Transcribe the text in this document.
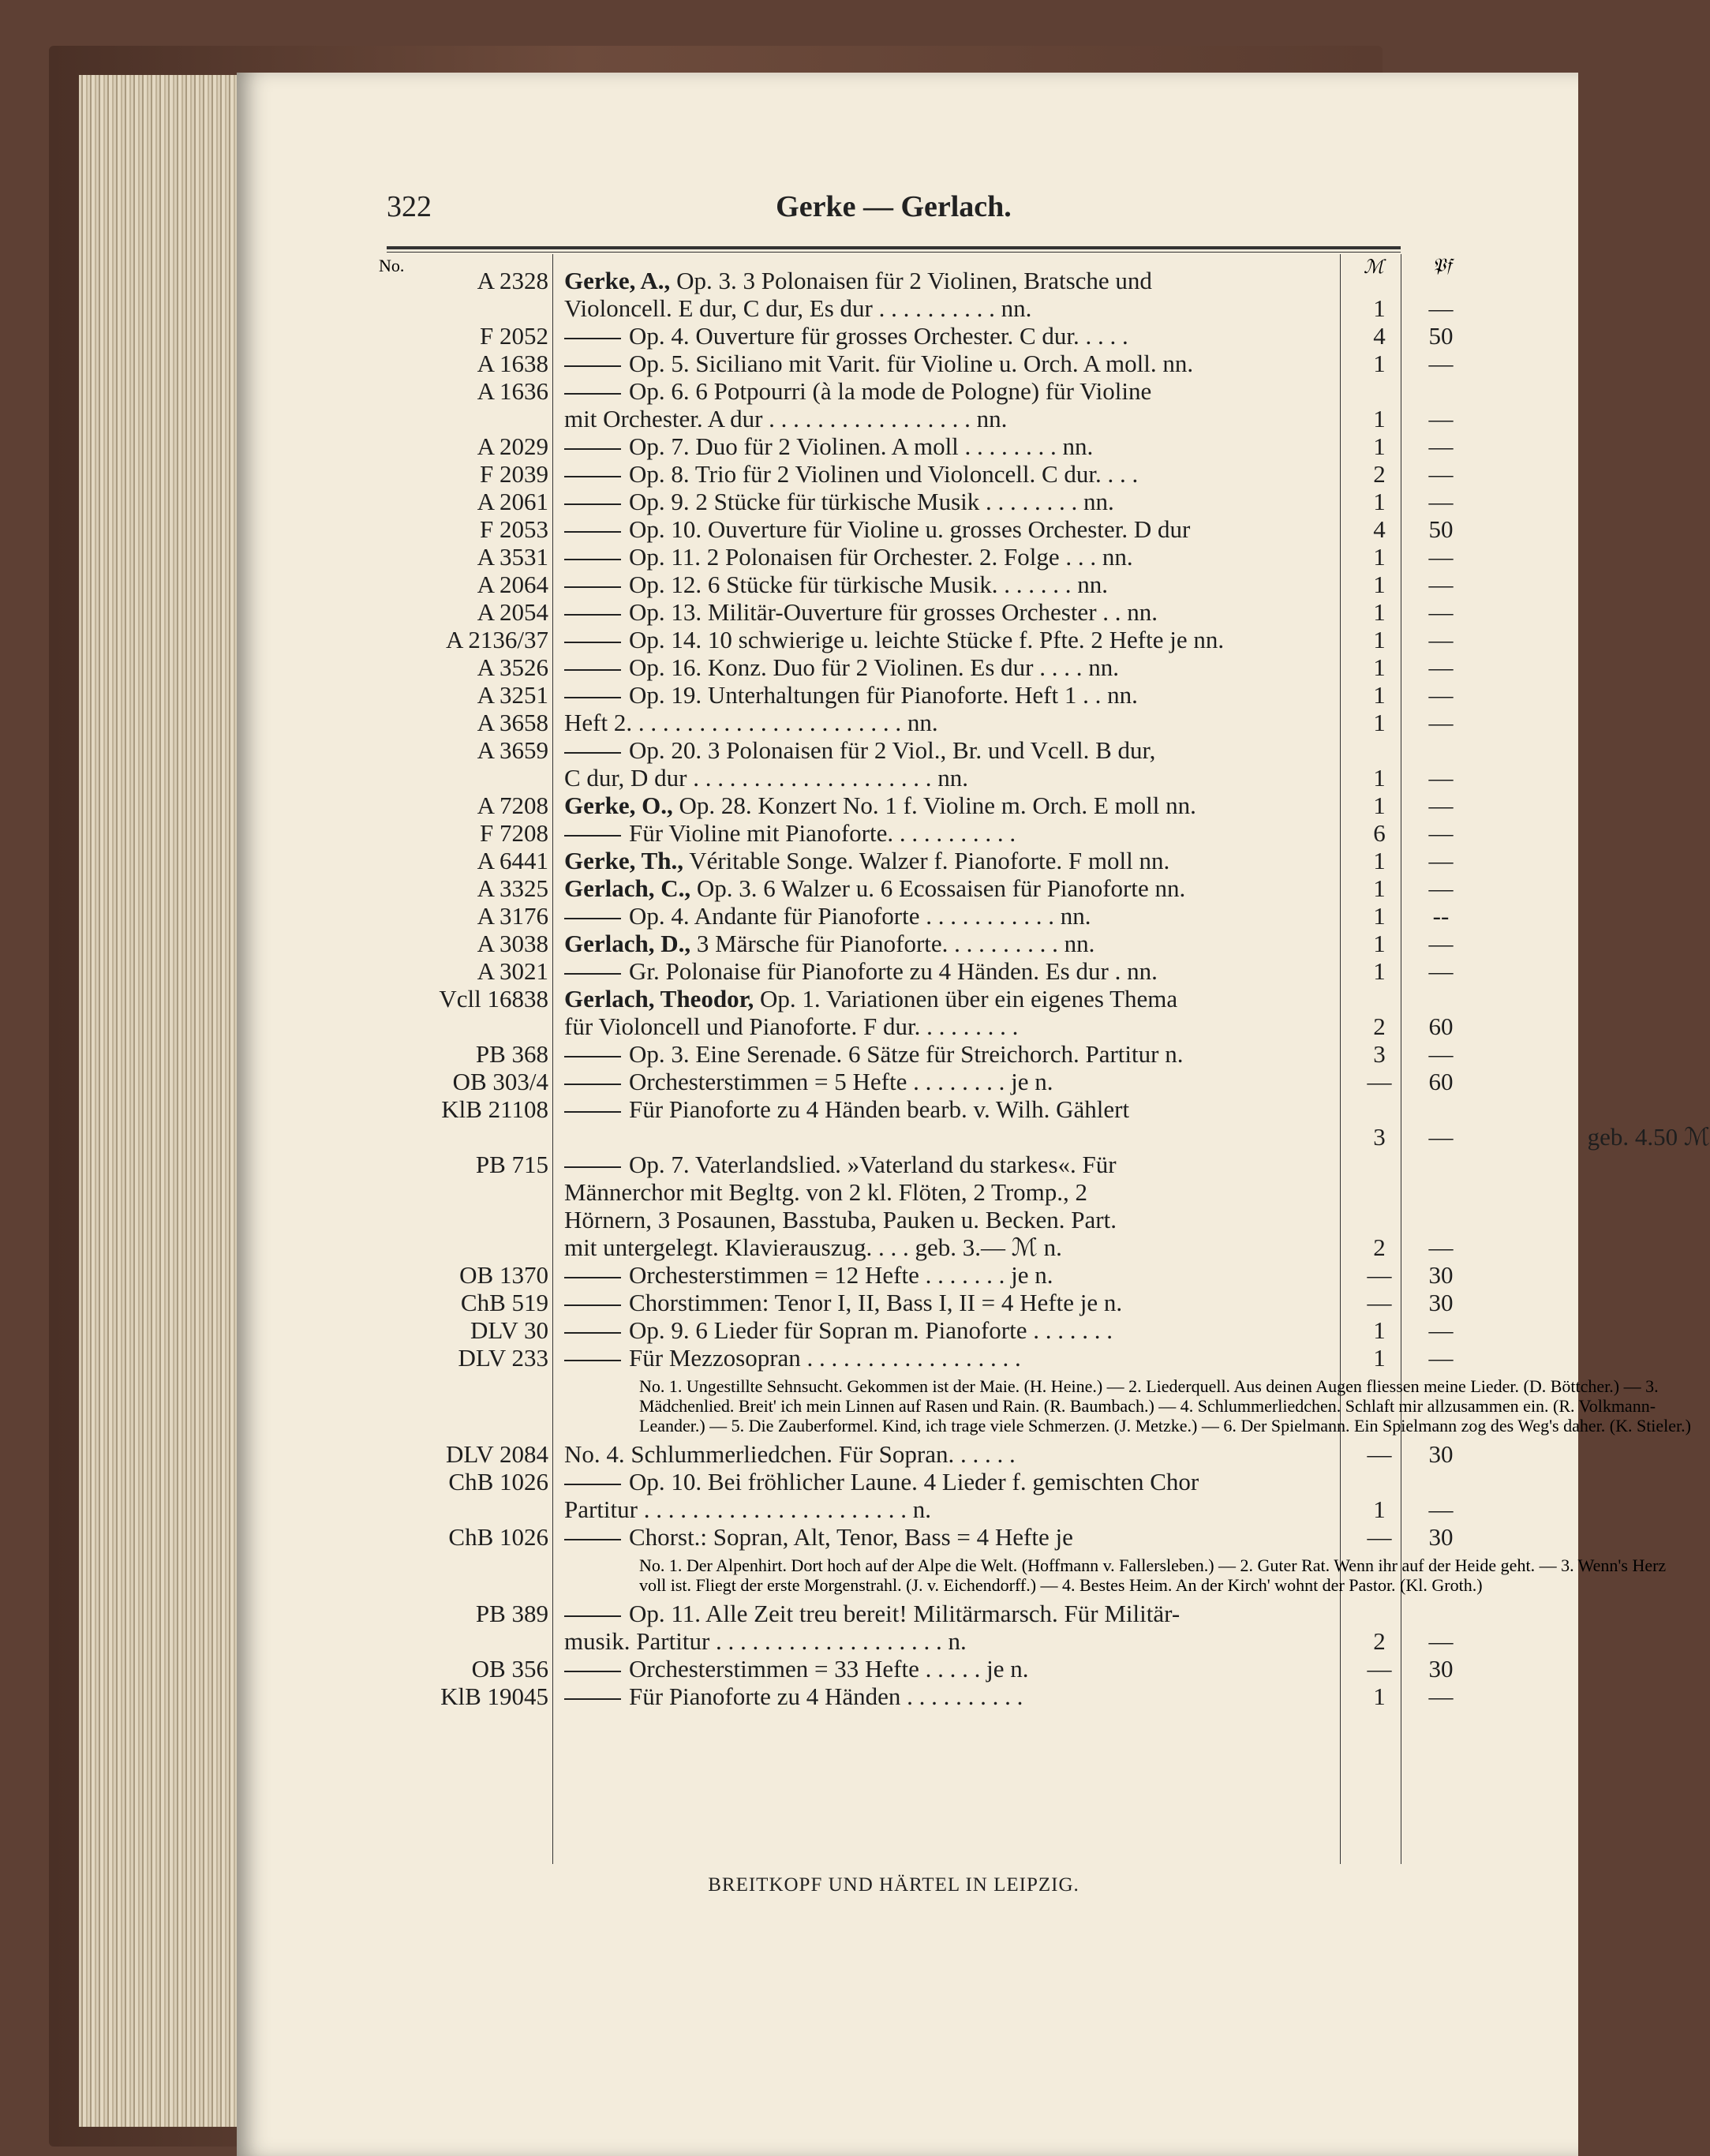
322	Gerke — Gerlach.
No.	ℳ	𝔓𝔣
A 2328 Gerke, A., Op. 3. 3 Polonaisen für 2 Violinen, Bratsche und
Violoncell. E dur, C dur, Es dur . . . . . . . . . . nn.	1	—
F 2052	Op. 4. Ouverture für grosses Orchester. C dur. . . . .	4	50
A 1638	Op. 5. Siciliano mit Varit. für Violine u. Orch. A moll. nn.	1	—
A 1636	Op. 6. 6 Potpourri (à la mode de Pologne) für Violine
mit Orchester. A dur . . . . . . . . . . . . . . . . . nn.	1	—
A 2029	Op. 7. Duo für 2 Violinen. A moll . . . . . . . . nn.	1	—
F 2039	Op. 8. Trio für 2 Violinen und Violoncell. C dur. . . .	2	—
A 2061	Op. 9. 2 Stücke für türkische Musik . . . . . . . . nn.	1	—
F 2053	Op. 10. Ouverture für Violine u. grosses Orchester. D dur	4	50
A 3531	Op. 11. 2 Polonaisen für Orchester. 2. Folge . . . nn.	1	—
A 2064	Op. 12. 6 Stücke für türkische Musik. . . . . . . nn.	1	—
A 2054	Op. 13. Militär-Ouverture für grosses Orchester . . nn.	1	—
A 2136/37	Op. 14. 10 schwierige u. leichte Stücke f. Pfte. 2 Hefte je nn.	1	—
A 3526	Op. 16. Konz. Duo für 2 Violinen. Es dur . . . . nn.	1	—
A 3251	Op. 19. Unterhaltungen für Pianoforte. Heft 1 . . nn.	1	—
A 3658 Heft 2. . . . . . . . . . . . . . . . . . . . . . . nn.	1	—
A 3659	Op. 20. 3 Polonaisen für 2 Viol., Br. und Vcell. B dur,
C dur, D dur . . . . . . . . . . . . . . . . . . . . nn.	1	—
A 7208 Gerke, O., Op. 28. Konzert No. 1 f. Violine m. Orch. E moll nn.	1	—
F 7208	Für Violine mit Pianoforte. . . . . . . . . . .	6	—
A 6441 Gerke, Th., Véritable Songe. Walzer f. Pianoforte. F moll nn.	1	—
A 3325 Gerlach, C., Op. 3. 6 Walzer u. 6 Ecossaisen für Pianoforte nn.	1	—
A 3176	Op. 4. Andante für Pianoforte . . . . . . . . . . . nn.	1	--
A 3038 Gerlach, D., 3 Märsche für Pianoforte. . . . . . . . . . nn.	1	—
A 3021	Gr. Polonaise für Pianoforte zu 4 Händen. Es dur . nn.	1	—
Vcll 16838 Gerlach, Theodor, Op. 1. Variationen über ein eigenes Thema
für Violoncell und Pianoforte. F dur. . . . . . . . .	2	60
PB 368	Op. 3. Eine Serenade. 6 Sätze für Streichorch. Partitur n.	3	—
OB 303/4	Orchesterstimmen = 5 Hefte . . . . . . . . je n.	—	60
KlB 21108	Für Pianoforte zu 4 Händen bearb. v. Wilh. Gählert
geb. 4.50 ℳ
3	—
PB 715	Op. 7. Vaterlandslied. »Vaterland du starkes«. Für
Männerchor mit Begltg. von 2 kl. Flöten, 2 Tromp., 2
Hörnern, 3 Posaunen, Basstuba, Pauken u. Becken. Part.
mit untergelegt. Klavierauszug. . . . geb. 3.— ℳ n.	2	—
OB 1370	Orchesterstimmen = 12 Hefte . . . . . . . je n.	—	30
ChB 519	Chorstimmen: Tenor I, II, Bass I, II = 4 Hefte je n.	—	30
DLV 30	Op. 9. 6 Lieder für Sopran m. Pianoforte . . . . . . .	1	—
DLV 233	Für Mezzosopran . . . . . . . . . . . . . . . . . .	1	—
No. 1. Ungestillte Sehnsucht. Gekommen ist der Maie. (H. Heine.) — 2. Liederquell. Aus deinen Augen fliessen meine Lieder. (D. Böttcher.) — 3. Mädchenlied. Breit' ich mein Linnen auf Rasen und Rain. (R. Baumbach.) — 4. Schlummerliedchen. Schlaft mir allzusammen ein. (R. Volkmann-Leander.) — 5. Die Zauberformel. Kind, ich trage viele Schmerzen. (J. Metzke.) — 6. Der Spielmann. Ein Spielmann zog des Weg's daher. (K. Stieler.)
DLV 2084 No. 4. Schlummerliedchen. Für Sopran. . . . . .	—	30
ChB 1026	Op. 10. Bei fröhlicher Laune. 4 Lieder f. gemischten Chor
Partitur . . . . . . . . . . . . . . . . . . . . . . n.	1	—
ChB 1026	Chorst.: Sopran, Alt, Tenor, Bass = 4 Hefte je	—	30
No. 1. Der Alpenhirt. Dort hoch auf der Alpe die Welt. (Hoffmann v. Fallersleben.) — 2. Guter Rat. Wenn ihr auf der Heide geht. — 3. Wenn's Herz voll ist. Fliegt der erste Morgenstrahl. (J. v. Eichendorff.) — 4. Bestes Heim. An der Kirch' wohnt der Pastor. (Kl. Groth.)
PB 389	Op. 11. Alle Zeit treu bereit! Militärmarsch. Für Militär-
musik. Partitur . . . . . . . . . . . . . . . . . . . n.	2	—
OB 356	Orchesterstimmen = 33 Hefte . . . . . je n.	—	30
KlB 19045	Für Pianoforte zu 4 Händen . . . . . . . . . .	1	—
BREITKOPF UND HÄRTEL IN LEIPZIG.
